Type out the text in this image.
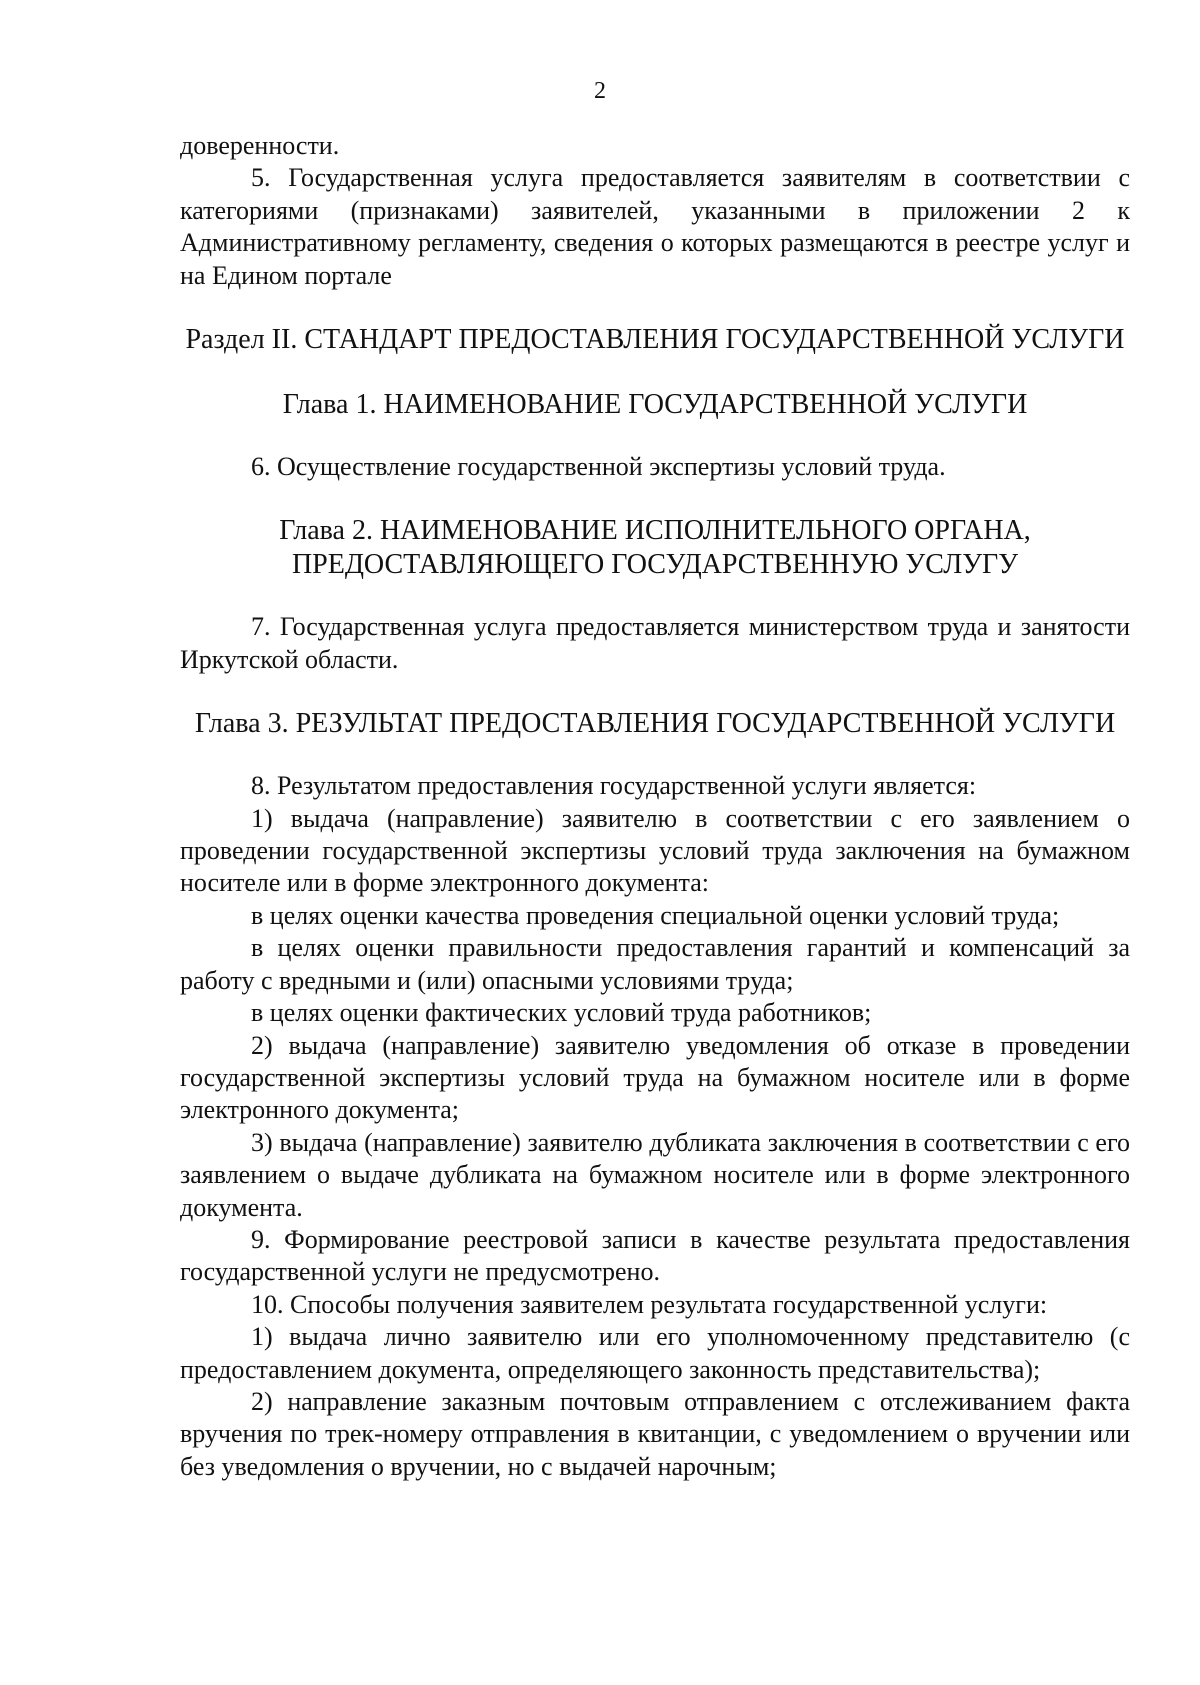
2

доверенности.

5. Государственная услуга предоставляется заявителям в соответствии с категориями (признаками) заявителей, указанными в приложении 2 к Административному регламенту, сведения о которых размещаются в реестре услуг и на Едином портале

Раздел II. СТАНДАРТ ПРЕДОСТАВЛЕНИЯ ГОСУДАРСТВЕННОЙ УСЛУГИ
Глава 1. НАИМЕНОВАНИЕ ГОСУДАРСТВЕННОЙ УСЛУГИ

6. Осуществление государственной экспертизы условий труда.

Глава 2. НАИМЕНОВАНИЕ ИСПОЛНИТЕЛЬНОГО ОРГАНА,
ПРЕДОСТАВЛЯЮЩЕГО ГОСУДАРСТВЕННУЮ УСЛУГУ

7. Государственная услуга предоставляется министерством труда и занятости Иркутской области.

Глава 3. РЕЗУЛЬТАТ ПРЕДОСТАВЛЕНИЯ ГОСУДАРСТВЕННОЙ УСЛУГИ

8. Результатом предоставления государственной услуги является:

1) выдача (направление) заявителю в соответствии с его заявлением о проведении государственной экспертизы условий труда заключения на бумажном носителе или в форме электронного документа:

в целях оценки качества проведения специальной оценки условий труда;

в целях оценки правильности предоставления гарантий и компенсаций за работу с вредными и (или) опасными условиями труда;

в целях оценки фактических условий труда работников;

2) выдача (направление) заявителю уведомления об отказе в проведении государственной экспертизы условий труда на бумажном носителе или в форме электронного документа;

3) выдача (направление) заявителю дубликата заключения в соответствии с его заявлением о выдаче дубликата на бумажном носителе или в форме электронного документа.

9. Формирование реестровой записи в качестве результата предоставления государственной услуги не предусмотрено.

10. Способы получения заявителем результата государственной услуги:

1) выдача лично заявителю или его уполномоченному представителю (с предоставлением документа, определяющего законность представительства);

2) направление заказным почтовым отправлением с отслеживанием факта вручения по трек-номеру отправления в квитанции, с уведомлением о вручении или без уведомления о вручении, но с выдачей нарочным;
